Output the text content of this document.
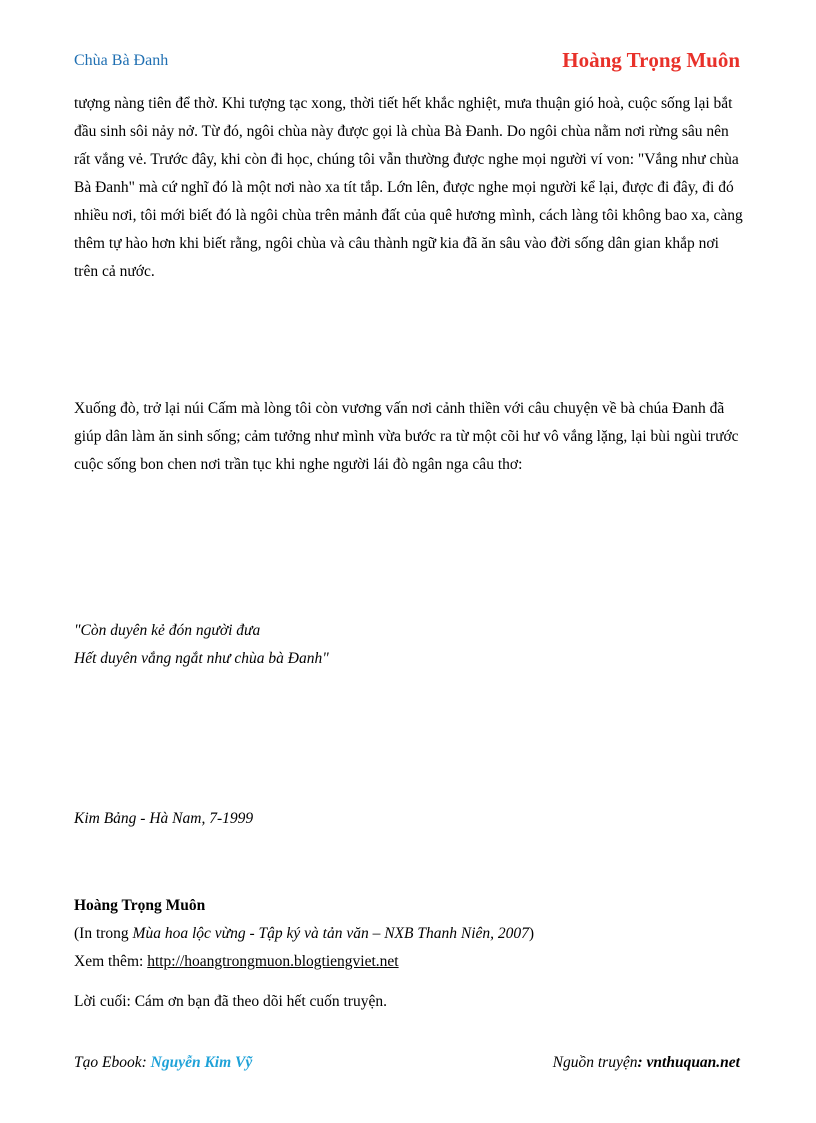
Chùa Bà Đanh	Hoàng Trọng Muôn

tượng nàng tiên để thờ. Khi tượng tạc xong, thời tiết hết khắc nghiệt, mưa thuận gió hoà, cuộc sống lại bắt đầu sinh sôi nảy nở. Từ đó, ngôi chùa này được gọi là chùa Bà Đanh. Do ngôi chùa nằm nơi rừng sâu nên rất vắng vẻ. Trước đây, khi còn đi học, chúng tôi vẫn thường được nghe mọi người ví von: "Vắng như chùa Bà Đanh" mà cứ nghĩ đó là một nơi nào xa tít tắp. Lớn lên, được nghe mọi người kể lại, được đi đây, đi đó nhiều nơi, tôi mới biết đó là ngôi chùa trên mảnh đất của quê hương mình, cách làng tôi không bao xa, càng thêm tự hào hơn khi biết rằng, ngôi chùa và câu thành ngữ kia đã ăn sâu vào đời sống dân gian khắp nơi trên cả nước.

Xuống đò, trở lại núi Cấm mà lòng tôi còn vương vấn nơi cảnh thiền với câu chuyện về bà chúa Đanh đã giúp dân làm ăn sinh sống; cảm tưởng như mình vừa bước ra từ một cõi hư vô vắng lặng, lại bùi ngùi trước cuộc sống bon chen nơi trần tục khi nghe người lái đò ngân nga câu thơ:

"Còn duyên kẻ đón người đưa
Hết duyên vắng ngắt như chùa bà Đanh"
Kim Bảng - Hà Nam, 7-1999
Hoàng Trọng Muôn
(In trong Mùa hoa lộc vừng - Tập ký và tản văn – NXB Thanh Niên, 2007)
Xem thêm: http://hoangtrongmuon.blogtiengviet.net
Lời cuối: Cám ơn bạn đã theo dõi hết cuốn truyện.
Tạo Ebook: Nguyễn Kim Vỹ	Nguồn truyện: vnthuquan.net
